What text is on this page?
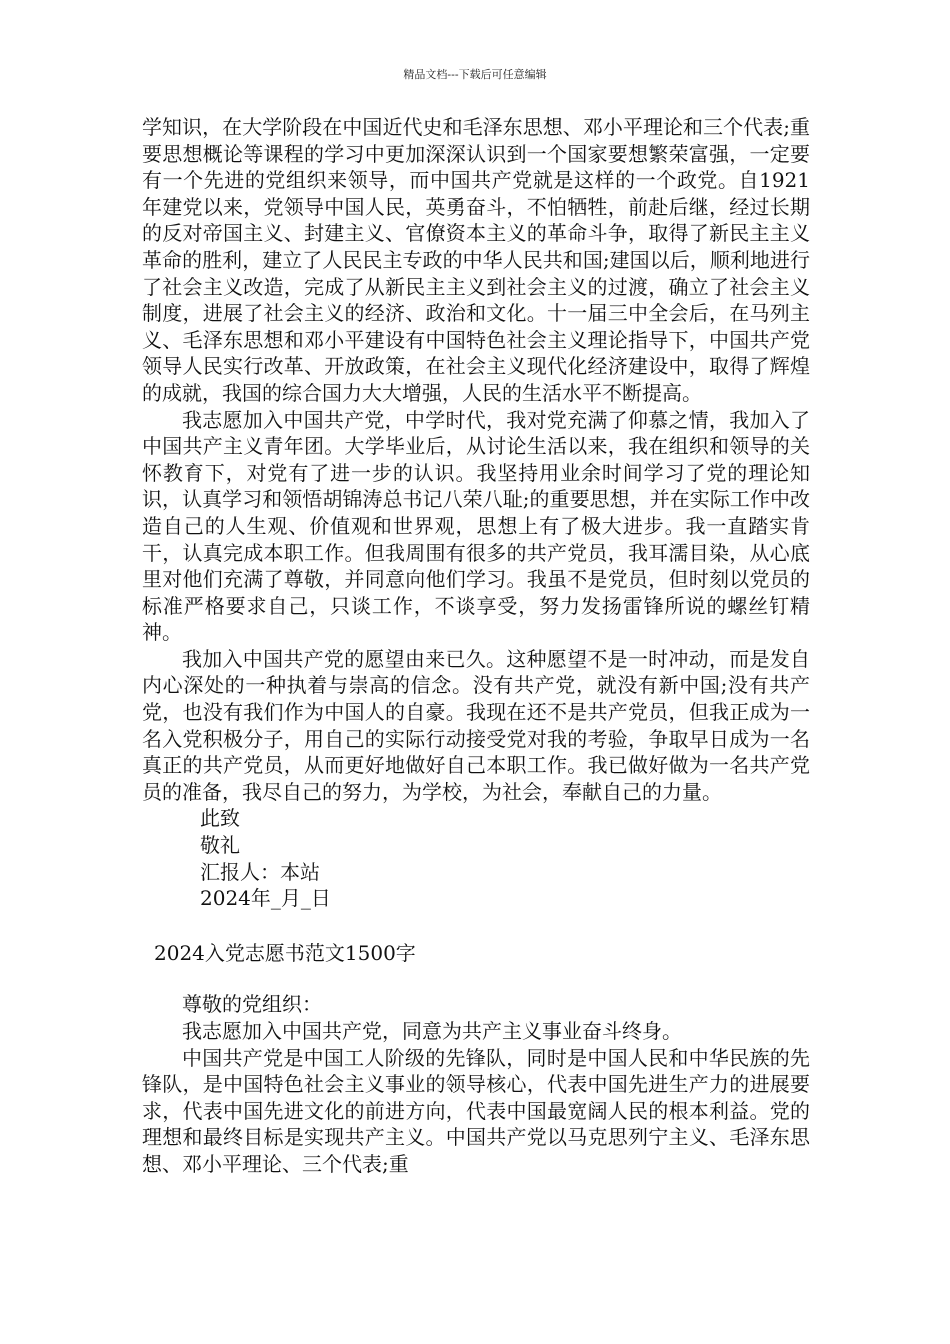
精品文档---下载后可任意编辑

学知识，在大学阶段在中国近代史和毛泽东思想、邓小平理论和三个代表;重要思想概论等课程的学习中更加深深认识到一个国家要想繁荣富强，一定要有一个先进的党组织来领导，而中国共产党就是这样的一个政党。自1921年建党以来，党领导中国人民，英勇奋斗，不怕牺牲，前赴后继，经过长期的反对帝国主义、封建主义、官僚资本主义的革命斗争，取得了新民主主义革命的胜利，建立了人民民主专政的中华人民共和国;建国以后，顺利地进行了社会主义改造，完成了从新民主主义到社会主义的过渡，确立了社会主义制度，进展了社会主义的经济、政治和文化。十一届三中全会后，在马列主义、毛泽东思想和邓小平建设有中国特色社会主义理论指导下，中国共产党领导人民实行改革、开放政策，在社会主义现代化经济建设中，取得了辉煌的成就，我国的综合国力大大增强，人民的生活水平不断提高。

我志愿加入中国共产党，中学时代，我对党充满了仰慕之情，我加入了中国共产主义青年团。大学毕业后，从讨论生活以来，我在组织和领导的关怀教育下，对党有了进一步的认识。我坚持用业余时间学习了党的理论知识，认真学习和领悟胡锦涛总书记八荣八耻;的重要思想，并在实际工作中改造自己的人生观、价值观和世界观，思想上有了极大进步。我一直踏实肯干，认真完成本职工作。但我周围有很多的共产党员，我耳濡目染，从心底里对他们充满了尊敬，并同意向他们学习。我虽不是党员，但时刻以党员的标准严格要求自己，只谈工作，不谈享受，努力发扬雷锋所说的螺丝钉精神。

我加入中国共产党的愿望由来已久。这种愿望不是一时冲动，而是发自内心深处的一种执着与崇高的信念。没有共产党，就没有新中国;没有共产党，也没有我们作为中国人的自豪。我现在还不是共产党员，但我正成为一名入党积极分子，用自己的实际行动接受党对我的考验，争取早日成为一名真正的共产党员，从而更好地做好自己本职工作。我已做好做为一名共产党员的准备，我尽自己的努力，为学校，为社会，奉献自己的力量。

此致

敬礼

汇报人：本站

2024年_月_日

2024入党志愿书范文1500字

尊敬的党组织：

我志愿加入中国共产党，同意为共产主义事业奋斗终身。

中国共产党是中国工人阶级的先锋队，同时是中国人民和中华民族的先锋队，是中国特色社会主义事业的领导核心，代表中国先进生产力的进展要求，代表中国先进文化的前进方向，代表中国最宽阔人民的根本利益。党的理想和最终目标是实现共产主义。中国共产党以马克思列宁主义、毛泽东思想、邓小平理论、三个代表;重
